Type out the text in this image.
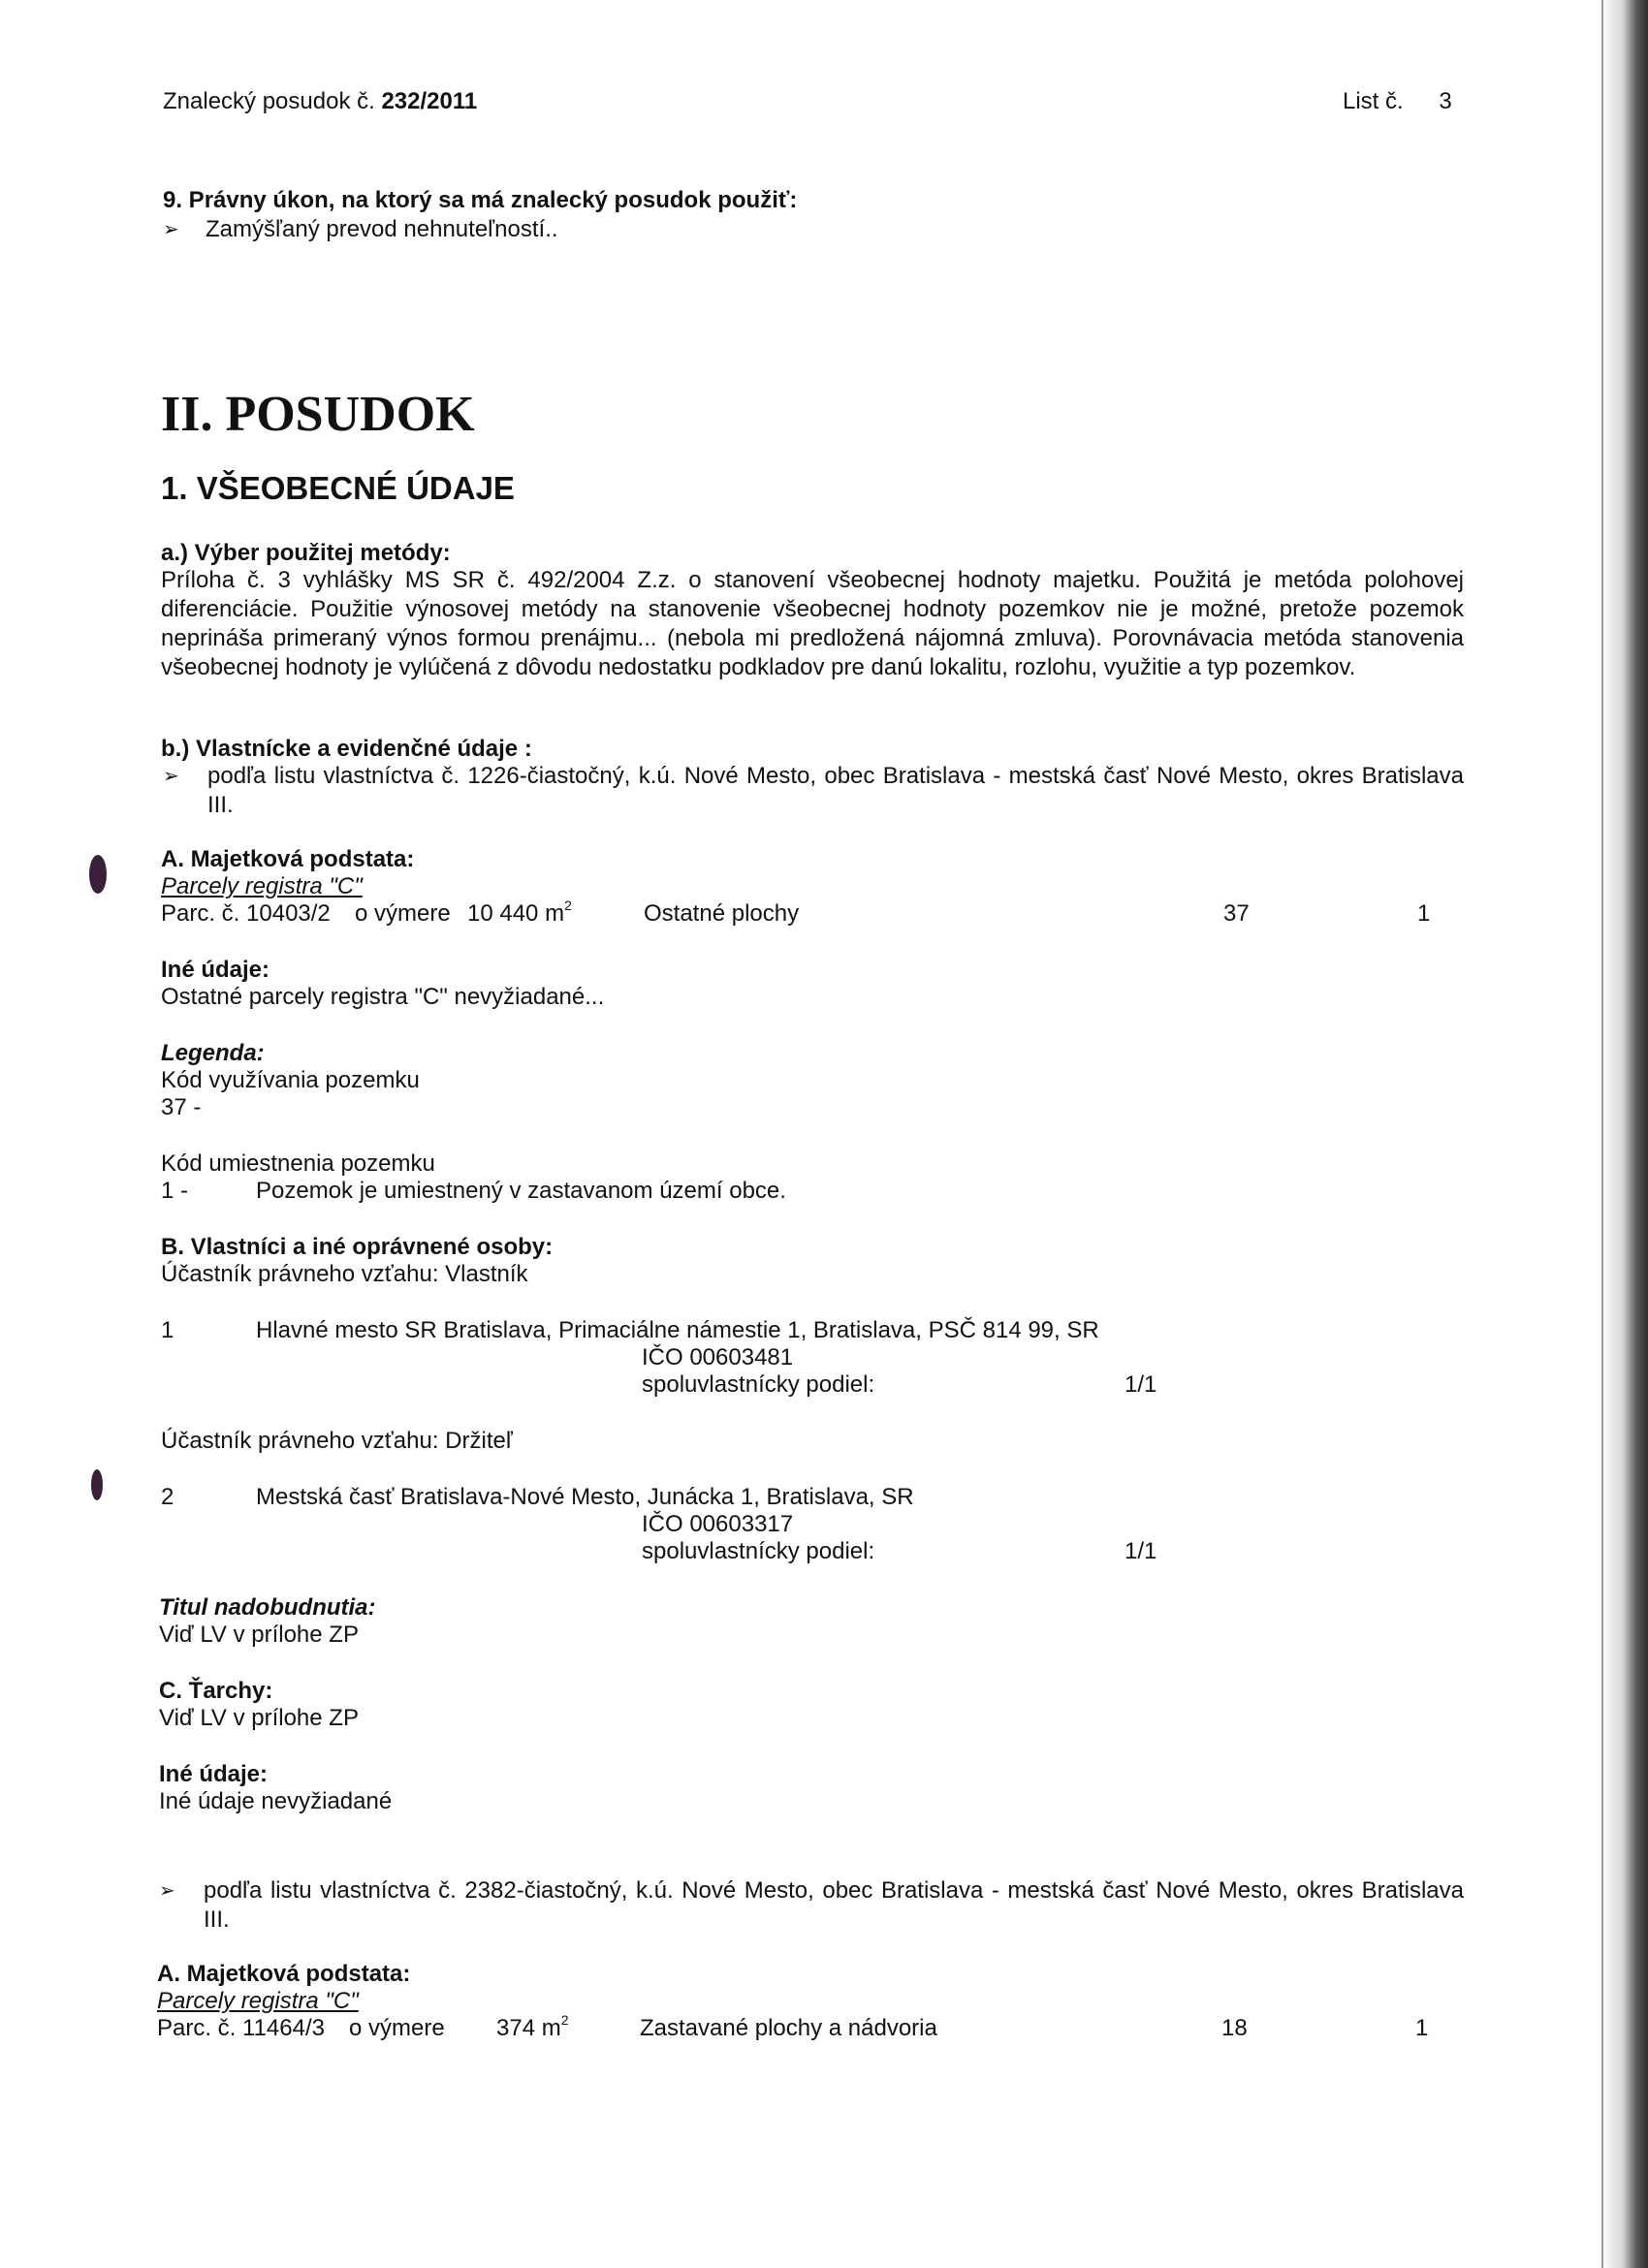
Znalecký posudok č. 232/2011	List č. 3
9. Právny úkon, na ktorý sa má znalecký posudok použiť:
➢ Zamýšľaný prevod nehnuteľností..
II. POSUDOK
1. VŠEOBECNÉ ÚDAJE
a.) Výber použitej metódy:
Príloha č. 3 vyhlášky MS SR č. 492/2004 Z.z. o stanovení všeobecnej hodnoty majetku. Použitá je metóda polohovej diferenciácie. Použitie výnosovej metódy na stanovenie všeobecnej hodnoty pozemkov nie je možné, pretože pozemok neprináša primeraný výnos formou prenájmu... (nebola mi predložená nájomná zmluva). Porovnávacia metóda stanovenia všeobecnej hodnoty je vylúčená z dôvodu nedostatku podkladov pre danú lokalitu, rozlohu, využitie a typ pozemkov.
b.) Vlastnícke a evidenčné údaje :
➢ podľa listu vlastníctva č. 1226-čiastočný, k.ú. Nové Mesto, obec Bratislava - mestská časť Nové Mesto, okres Bratislava III.
A. Majetková podstata:
Parcely registra "C"
Parc. č. 10403/2 o výmere 10 440 $m^2$	Ostatné plochy	37	1
Iné údaje:
Ostatné parcely registra "C" nevyžiadané...
Legenda:
Kód využívania pozemku
37 -
Kód umiestnenia pozemku
1 -	Pozemok je umiestnený v zastavanom území obce.
B. Vlastníci a iné oprávnené osoby:
Účastník právneho vzťahu: Vlastník
1	Hlavné mesto SR Bratislava, Primaciálne námestie 1, Bratislava, PSČ 814 99, SR
IČO 00603481
spoluvlastnícky podiel:	1/1
Účastník právneho vzťahu: Držiteľ
2	Mestská časť Bratislava-Nové Mesto, Junácka 1, Bratislava, SR
IČO 00603317
spoluvlastnícky podiel:	1/1
Titul nadobudnutia:
Viď LV v prílohe ZP
C. Ťarchy:
Viď LV v prílohe ZP
Iné údaje:
Iné údaje nevyžiadané
➢ podľa listu vlastníctva č. 2382-čiastočný, k.ú. Nové Mesto, obec Bratislava - mestská časť Nové Mesto, okres Bratislava III.
A. Majetková podstata:
Parcely registra "C"
Parc. č. 11464/3 o výmere 374 $m^2$	Zastavané plochy a nádvoria	18	1
